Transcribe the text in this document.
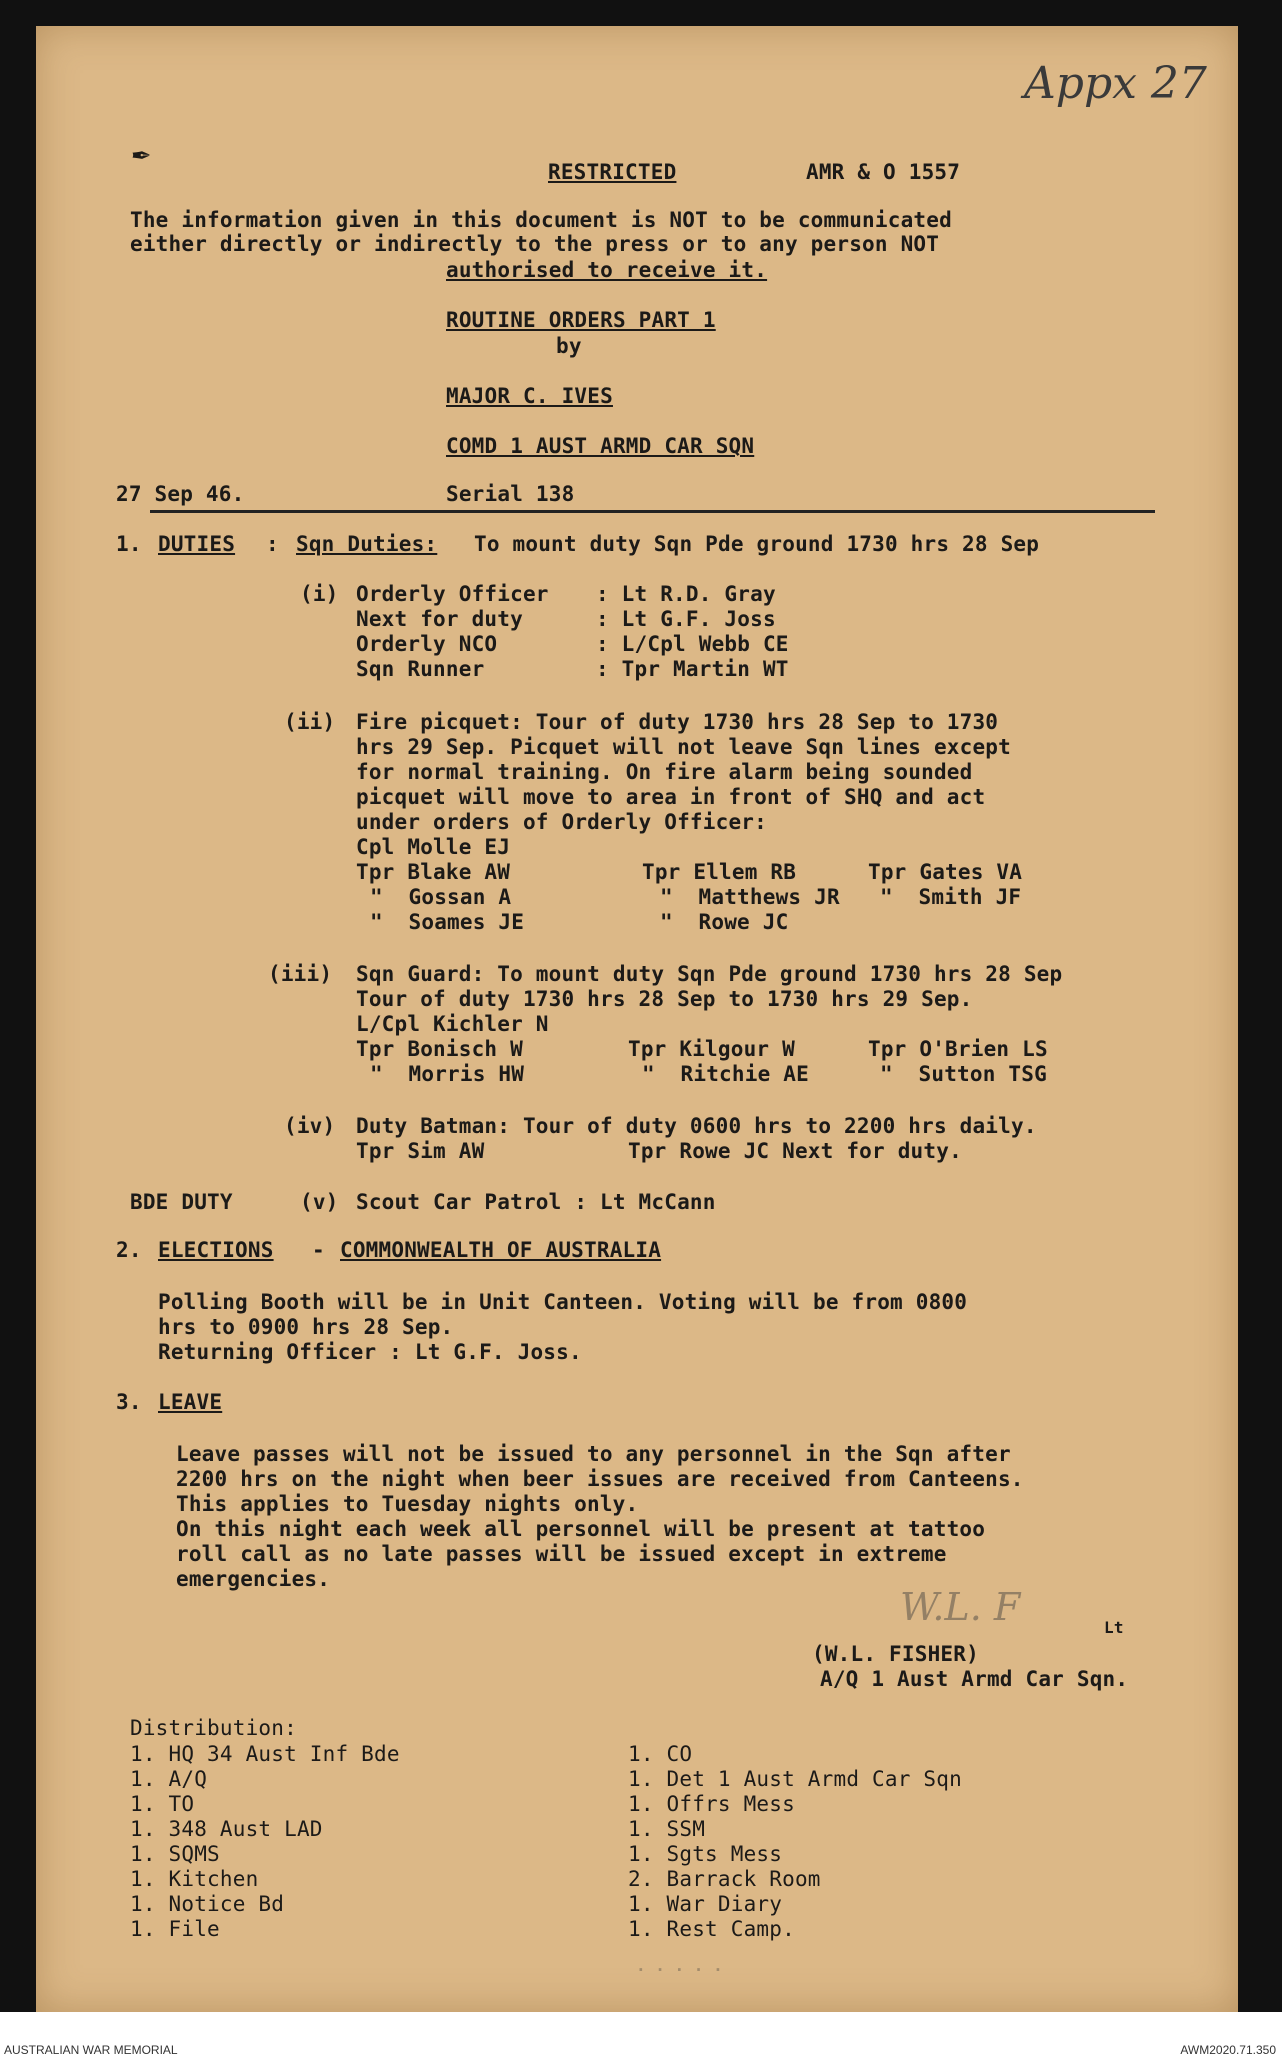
Appx 27
✒
RESTRICTED	AMR & O 1557
The information given in this document is NOT to be communicated
either directly or indirectly to the press or to any person NOT
authorised to receive it.
ROUTINE ORDERS PART 1
by
MAJOR C. IVES
COMD 1 AUST ARMD CAR SQN
27 Sep 46.	Serial 138
1. DUTIES : Sqn Duties: To mount duty Sqn Pde ground 1730 hrs 28 Sep
(i) Orderly Officer : Lt R.D. Gray
Next for duty	: Lt G.F. Joss
Orderly NCO	: L/Cpl Webb CE
Sqn Runner	: Tpr Martin WT
(ii) Fire picquet: Tour of duty 1730 hrs 28 Sep to 1730
hrs 29 Sep. Picquet will not leave Sqn lines except
for normal training. On fire alarm being sounded
picquet will move to area in front of SHQ and act
under orders of Orderly Officer:
Cpl Molle EJ
Tpr Blake AW	Tpr Ellem RB	Tpr Gates VA
"  Gossan A	"  Matthews JR "  Smith JF
"  Soames JE	"  Rowe JC
(iii) Sqn Guard: To mount duty Sqn Pde ground 1730 hrs 28 Sep
Tour of duty 1730 hrs 28 Sep to 1730 hrs 29 Sep.
L/Cpl Kichler N
Tpr Bonisch W	Tpr Kilgour W	Tpr O'Brien LS
"  Morris HW	"  Ritchie AE	"  Sutton TSG
(iv) Duty Batman: Tour of duty 0600 hrs to 2200 hrs daily.
Tpr Sim AW	Tpr Rowe JC Next for duty.
BDE DUTY	(v) Scout Car Patrol : Lt McCann
2. ELECTIONS - COMMONWEALTH OF AUSTRALIA
Polling Booth will be in Unit Canteen. Voting will be from 0800
hrs to 0900 hrs 28 Sep.
Returning Officer : Lt G.F. Joss.
3. LEAVE
Leave passes will not be issued to any personnel in the Sqn after
2200 hrs on the night when beer issues are received from Canteens.
This applies to Tuesday nights only.
On this night each week all personnel will be present at tattoo
roll call as no late passes will be issued except in extreme
emergencies.
W.L. F	Lt
(W.L. FISHER)
A/Q 1 Aust Armd Car Sqn.
Distribution:
1. HQ 34 Aust Inf Bde
1. A/Q
1. TO
1. 348 Aust LAD
1. SQMS
1. Kitchen
1. Notice Bd
1. File
1. CO
1. Det 1 Aust Armd Car Sqn
1. Offrs Mess
1. SSM
1. Sgts Mess
2. Barrack Room
1. War Diary
1. Rest Camp.
· · · · ·
AUSTRALIAN WAR MEMORIAL	AWM2020.71.350
